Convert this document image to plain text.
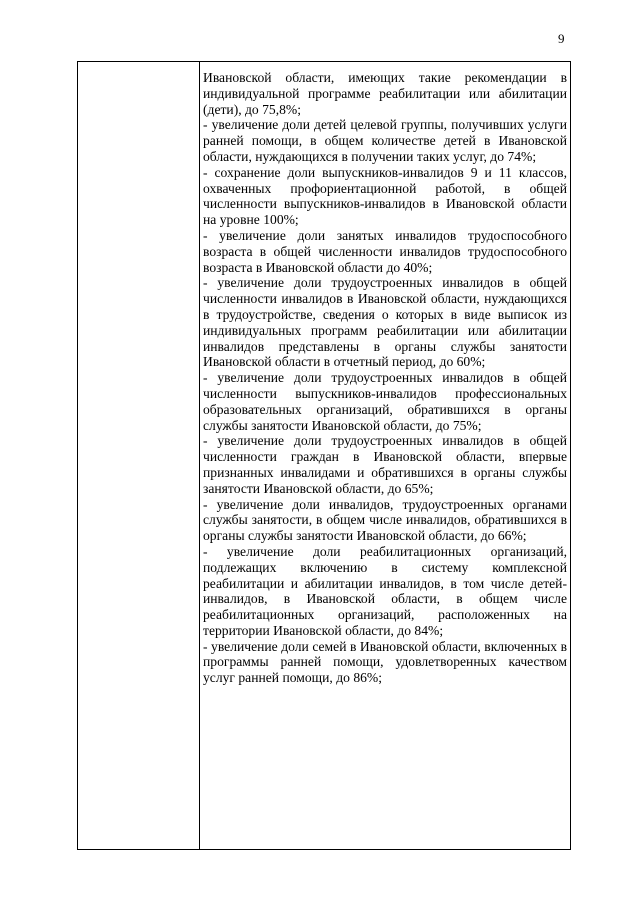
9

Ивановской области, имеющих такие рекомендации в индивидуальной программе реабилитации или абилитации (дети), до 75,8%;

- увеличение доли детей целевой группы, получивших услуги ранней помощи, в общем количестве детей в Ивановской области, нуждающихся в получении таких услуг, до 74%;

- сохранение доли выпускников-инвалидов 9 и 11 классов, охваченных профориентационной работой, в общей численности выпускников-инвалидов в Ивановской области на уровне 100%;

- увеличение доли занятых инвалидов трудоспособного возраста в общей численности инвалидов трудоспособного возраста в Ивановской области до 40%;

- увеличение доли трудоустроенных инвалидов в общей численности инвалидов в Ивановской области, нуждающихся в трудоустройстве, сведения о которых в виде выписок из индивидуальных программ реабилитации или абилитации инвалидов представлены в органы службы занятости Ивановской области в отчетный период, до 60%;

- увеличение доли трудоустроенных инвалидов в общей численности выпускников-инвалидов профессиональных образовательных организаций, обратившихся в органы службы занятости Ивановской области, до 75%;

- увеличение доли трудоустроенных инвалидов в общей численности граждан в Ивановской области, впервые признанных инвалидами и обратившихся в органы службы занятости Ивановской области, до 65%;

- увеличение доли инвалидов, трудоустроенных органами службы занятости, в общем числе инвалидов, обратившихся в органы службы занятости Ивановской области, до 66%;

- увеличение доли реабилитационных организаций, подлежащих включению в систему комплексной реабилитации и абилитации инвалидов, в том числе детей-инвалидов, в Ивановской области, в общем числе реабилитационных организаций, расположенных на территории Ивановской области, до 84%;

- увеличение доли семей в Ивановской области, включенных в программы ранней помощи, удовлетворенных качеством услуг ранней помощи, до 86%;
